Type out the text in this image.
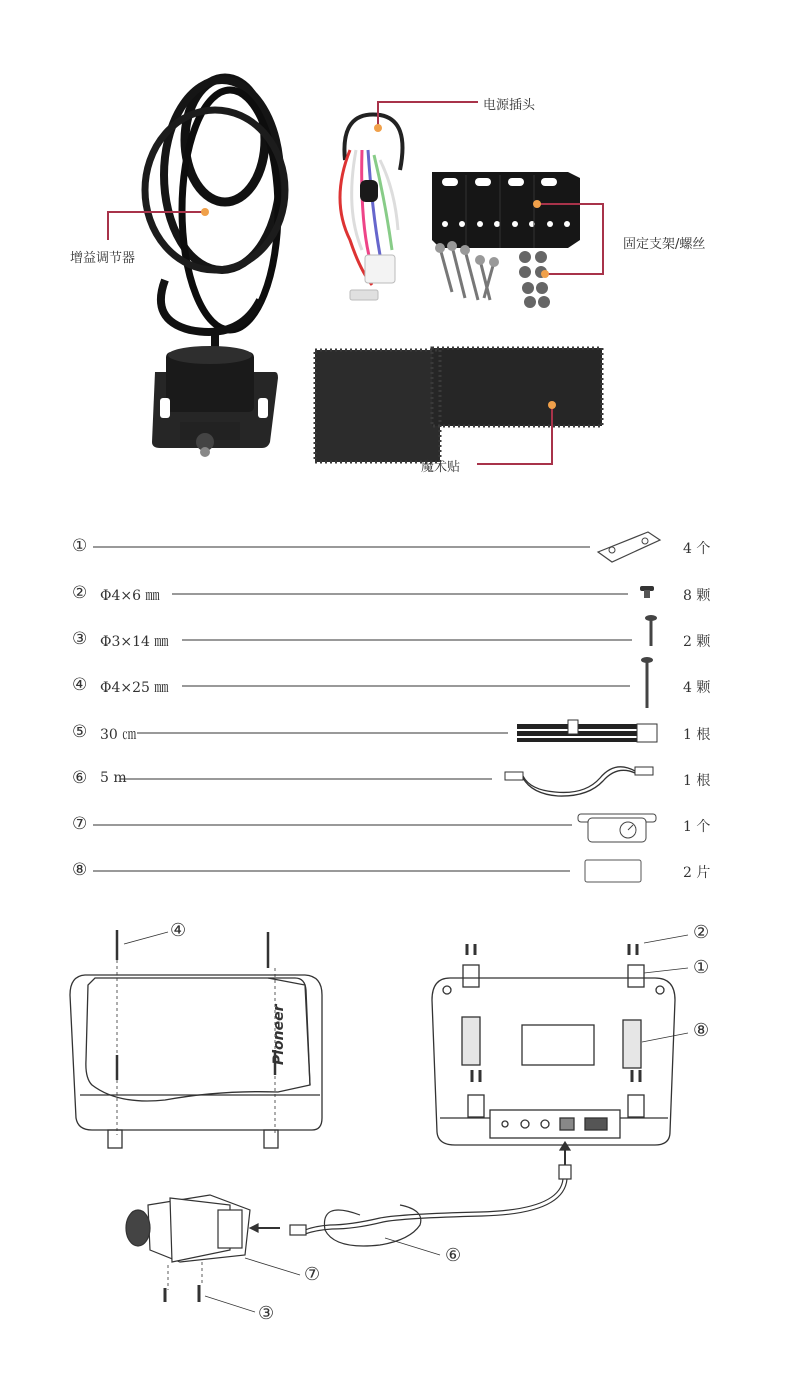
电源插头
增益调节器
固定支架/螺丝
魔术贴
①	4 个
② Φ4×6 ㎜	8 颗
③ Φ3×14 ㎜	2 颗
④ Φ4×25 ㎜	4 颗
⑤ 30 ㎝	1 根
⑥ 5 m	1 根
⑦	1 个
⑧	2 片
Pioneer
④	②
①
⑧
⑥
⑦
③
